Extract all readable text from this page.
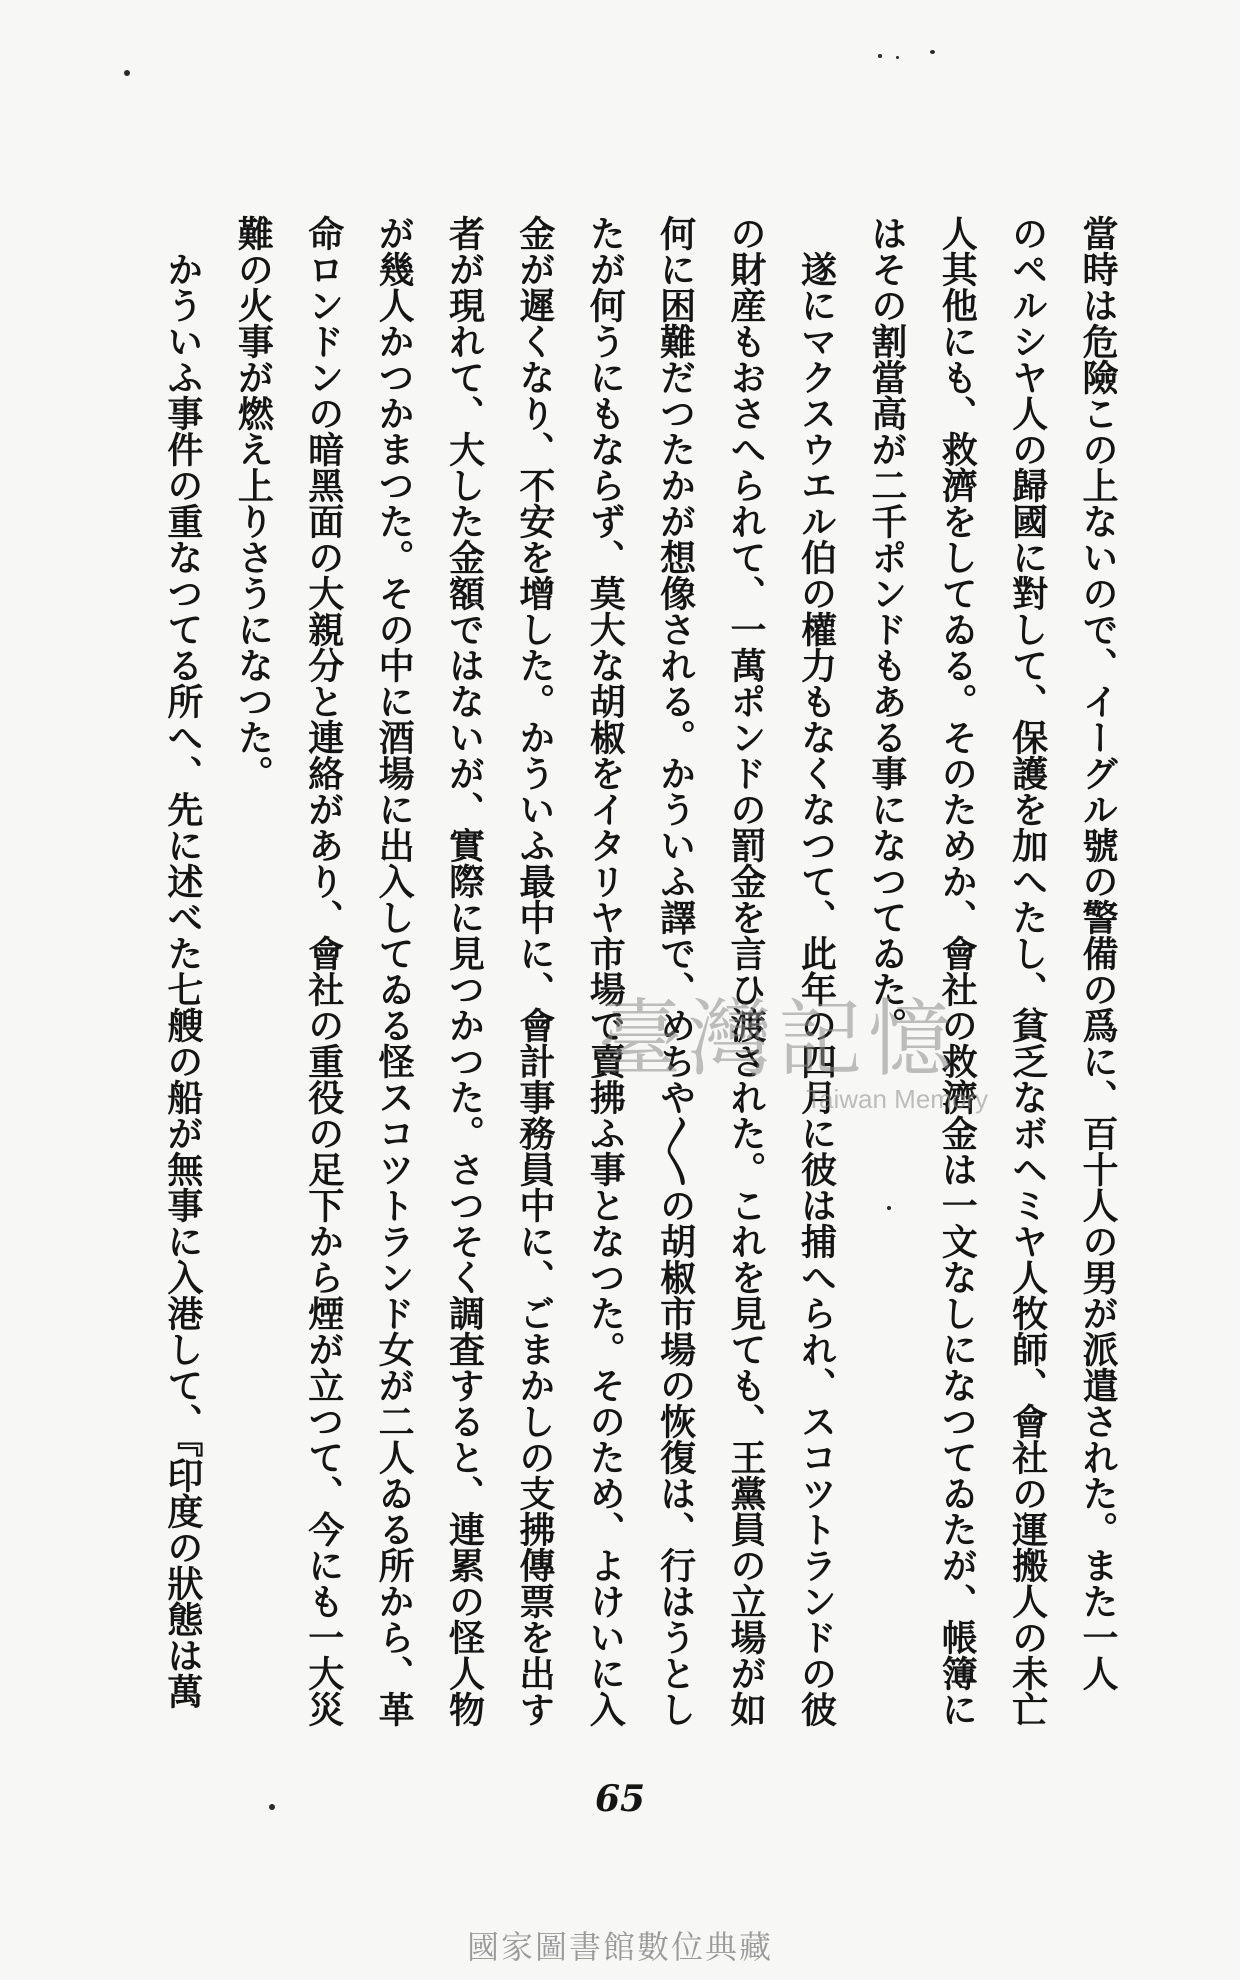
當時は危險この上ないので、イーグル號の警備の爲に、百十人の男が派遣された。また一人
のペルシヤ人の歸國に對して、保護を加へたし、貧乏なボヘミヤ人牧師、會社の運搬人の未亡
人其他にも、救濟をしてゐる。そのためか、會社の救濟金は一文なしになつてゐたが、帳簿に
はその割當高が二千ポンドもある事になつてゐた。
遂にマクスウエル伯の權力もなくなつて、此年の四月に彼は捕へられ、スコツトランドの彼
の財産もおさへられて、一萬ポンドの罰金を言ひ渡された。これを見ても、王黨員の立場が如
何に困難だつたかが想像される。かういふ譯で、めちや〳〵の胡椒市場の恢復は、行はうとし
たが何うにもならず、莫大な胡椒をイタリヤ市場で賣拂ふ事となつた。そのため、よけいに入
金が遲くなり、不安を增した。かういふ最中に、會計事務員中に、ごまかしの支拂傳票を出す
者が現れて、大した金額ではないが、實際に見つかつた。さつそく調査すると、連累の怪人物
が幾人かつかまつた。その中に酒場に出入してゐる怪スコツトランド女が二人ゐる所から、革
命ロンドンの暗黑面の大親分と連絡があり、會社の重役の足下から煙が立つて、今にも一大災
難の火事が燃え上りさうになつた。
かういふ事件の重なつてる所へ、先に述べた七艘の船が無事に入港して、『印度の狀態は萬	臺灣記憶
Taiwan Memory
65
國家圖書館數位典藏
